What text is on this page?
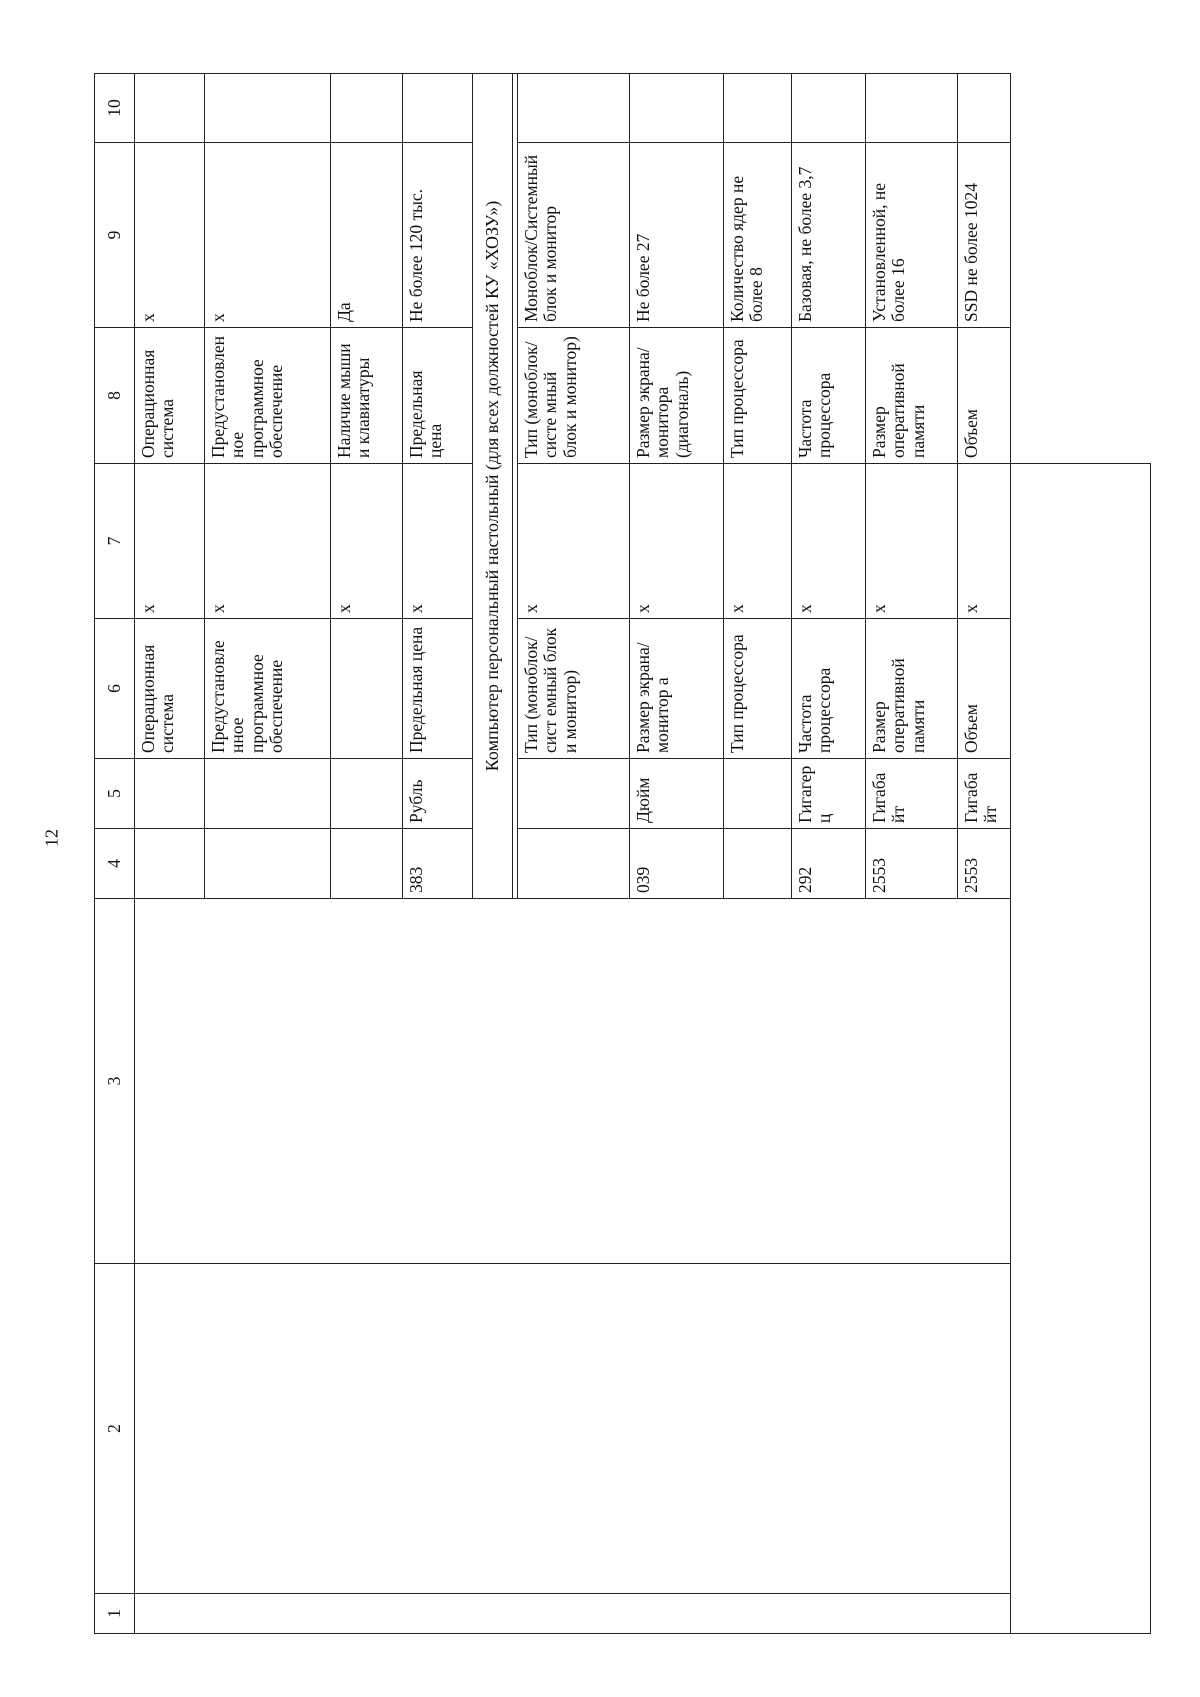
12
1	2	3	4	5	6	7	8	9	10
					Операционная система	х	Операционная система	х	
					Предустановле нное программное обеспечение	х	Предустановлен ное программное обеспечение	х	
						х	Наличие мыши и клавиатуры	Да	
			383	Рубль	Предельная цена	х	Предельная цена	Не более 120 тыс.	
			Компьютер персональный настольный (для всех должностей КУ «ХОЗУ»)						

					Тип (моноблок/сист емный блок и монитор)	х	Тип (моноблок/систе мный блок и монитор)	Моноблок/Системный блок и монитор	
			039	Дюйм	Размер экрана/монитор а	х	Размер экрана/монитора (диагональ)	Не более 27	
					Тип процессора	х	Тип процессора	Количество ядер не более 8	
			292	Гигагерц	Частота процессора	х	Частота процессора	Базовая, не более 3,7	
			2553	Гигабайт	Размер оперативной памяти	х	Размер оперативной памяти	Установленной, не более 16	
			2553	Гигабайт	Объем	х	Объем	SSD не более 1024	
